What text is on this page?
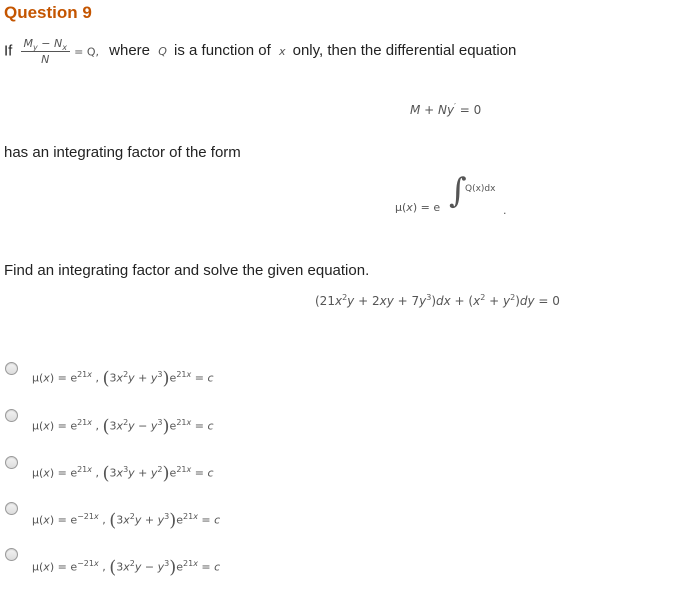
Question 9
If $\frac{M_y - N_x}{N} = Q$, where Q is a function of x only, then the differential equation
M + Ny′ = 0
has an integrating factor of the form
μ(x) = e ∫
Q(x)dx
.
Find an integrating factor and solve the given equation.
$(21x^2y + 2xy + 7y^3)dx + (x^2 + y^2)dy = 0$
$\mu(x) = e^{21x}$ , $(3x^2y + y^3)e^{21x} = c$
$\mu(x) = e^{21x}$ , $(3x^2y - y^3)e^{21x} = c$
$\mu(x) = e^{21x}$ , $(3x^3y + y^2)e^{21x} = c$
$\mu(x) = e^{-21x}$ , $(3x^2y + y^3)e^{21x} = c$
$\mu(x) = e^{-21x}$ , $(3x^2y - y^3)e^{21x} = c$
